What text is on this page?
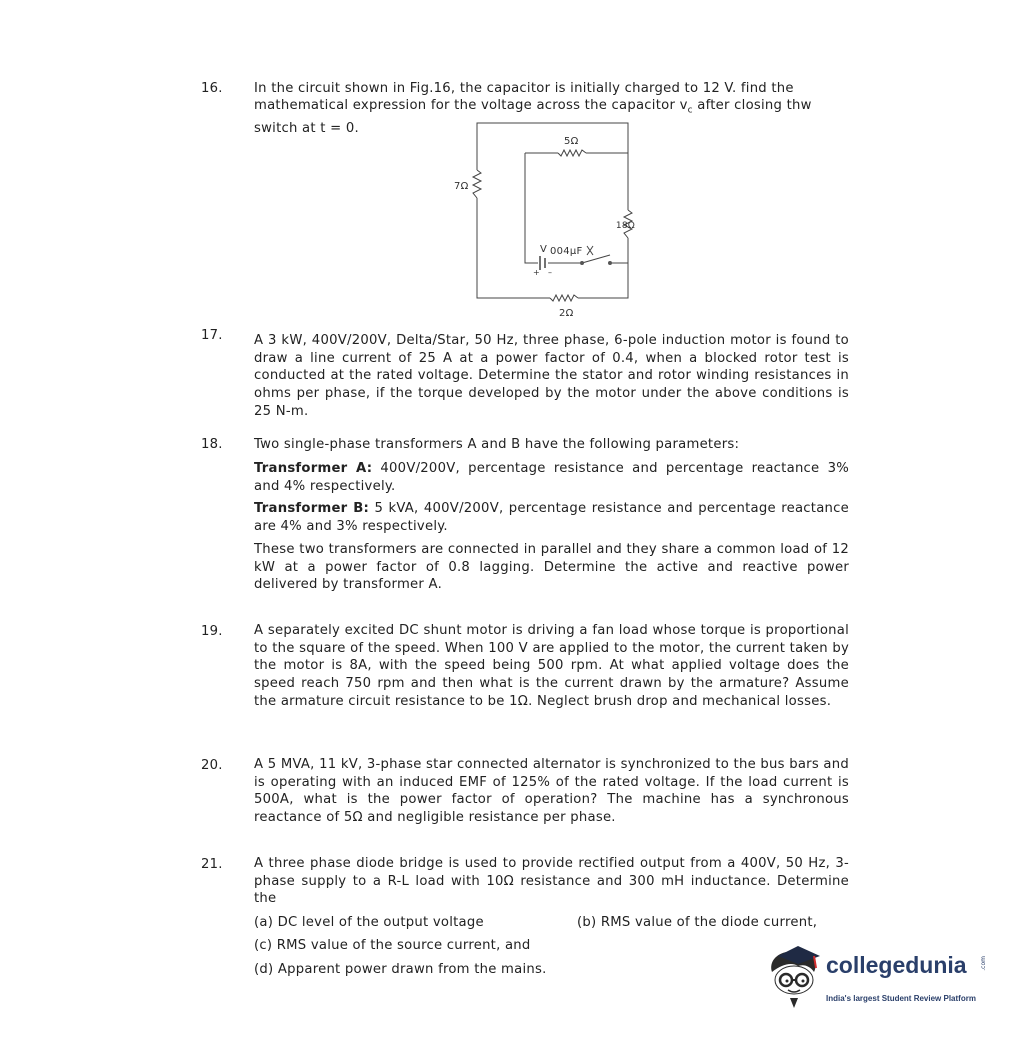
16. In the circuit shown in Fig.16, the capacitor is initially charged to 12 V. find the
mathematical expression for the voltage across the capacitor $v_c$ after closing thw
switch at t = 0.
5Ω
7Ω
18Ω
2Ω
V 004μF
+ –
17. A 3 kW, 400V/200V, Delta/Star, 50 Hz, three phase, 6-pole induction motor is found to draw a line current of 25 A at a power factor of 0.4, when a blocked rotor test is conducted at the rated voltage. Determine the stator and rotor winding resistances in ohms per phase, if the torque developed by the motor under the above conditions is 25 N-m.

18. Two single-phase transformers A and B have the following parameters:

Transformer A: 400V/200V, percentage resistance and percentage reactance 3% and 4% respectively.

Transformer B: 5 kVA, 400V/200V, percentage resistance and percentage reactance are 4% and 3% respectively.

These two transformers are connected in parallel and they share a common load of 12 kW at a power factor of 0.8 lagging. Determine the active and reactive power delivered by transformer A.

19. A separately excited DC shunt motor is driving a fan load whose torque is proportional to the square of the speed. When 100 V are applied to the motor, the current taken by the motor is 8A, with the speed being 500 rpm. At what applied voltage does the speed reach 750 rpm and then what is the current drawn by the armature? Assume the armature circuit resistance to be 1Ω. Neglect brush drop and mechanical losses.

20. A 5 MVA, 11 kV, 3-phase star connected alternator is synchronized to the bus bars and is operating with an induced EMF of 125% of the rated voltage. If the load current is 500A, what is the power factor of operation? The machine has a synchronous reactance of 5Ω and negligible resistance per phase.

21. A three phase diode bridge is used to provide rectified output from a 400V, 50 Hz, 3-phase supply to a R-L load with 10Ω resistance and 300 mH inductance. Determine the

(a) DC level of the output voltage	(b) RMS value of the diode current,
(c) RMS value of the source current, and
(d) Apparent power drawn from the mains.	collegedunia .com
India's largest Student Review Platform
